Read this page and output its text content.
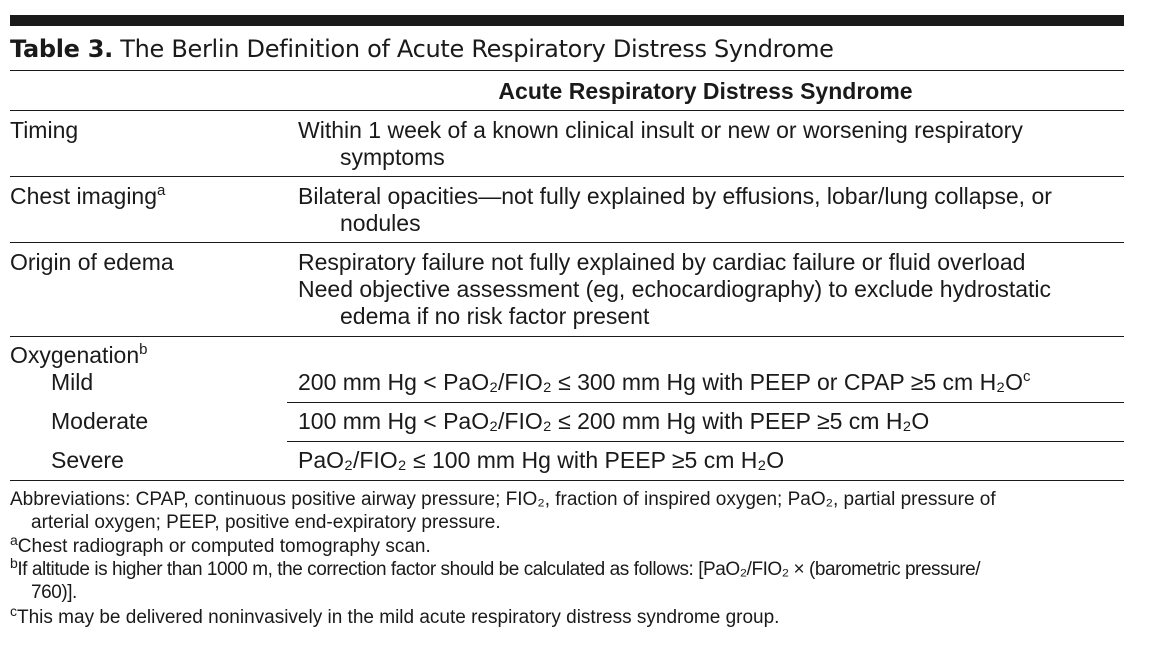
Table 3. The Berlin Definition of Acute Respiratory Distress Syndrome
Acute Respiratory Distress Syndrome
Timing	Within 1 week of a known clinical insult or new or worsening respiratory
symptoms
Chest imaging$^a$	Bilateral opacities—not fully explained by effusions, lobar/lung collapse, or
nodules
Origin of edema	Respiratory failure not fully explained by cardiac failure or fluid overload
Need objective assessment (eg, echocardiography) to exclude hydrostatic
edema if no risk factor present
Oxygenation$^b$
Mild	200 mm Hg < PaO₂/FIO₂ ≤ 300 mm Hg with PEEP or CPAP ≥5 cm $H_2O^c$
Moderate	100 mm Hg < PaO₂/FIO₂ ≤ 200 mm Hg with PEEP ≥5 cm H₂O
Severe	PaO₂/FIO₂ ≤ 100 mm Hg with PEEP ≥5 cm H₂O
Abbreviations: CPAP, continuous positive airway pressure; FIO₂, fraction of inspired oxygen; PaO₂, partial pressure of
arterial oxygen; PEEP, positive end-expiratory pressure.
$^a$Chest radiograph or computed tomography scan.
$^b$If altitude is higher than 1000 m, the correction factor should be calculated as follows: [PaO₂/FIO₂ × (barometric pressure/
760)].
$^c$This may be delivered noninvasively in the mild acute respiratory distress syndrome group.
